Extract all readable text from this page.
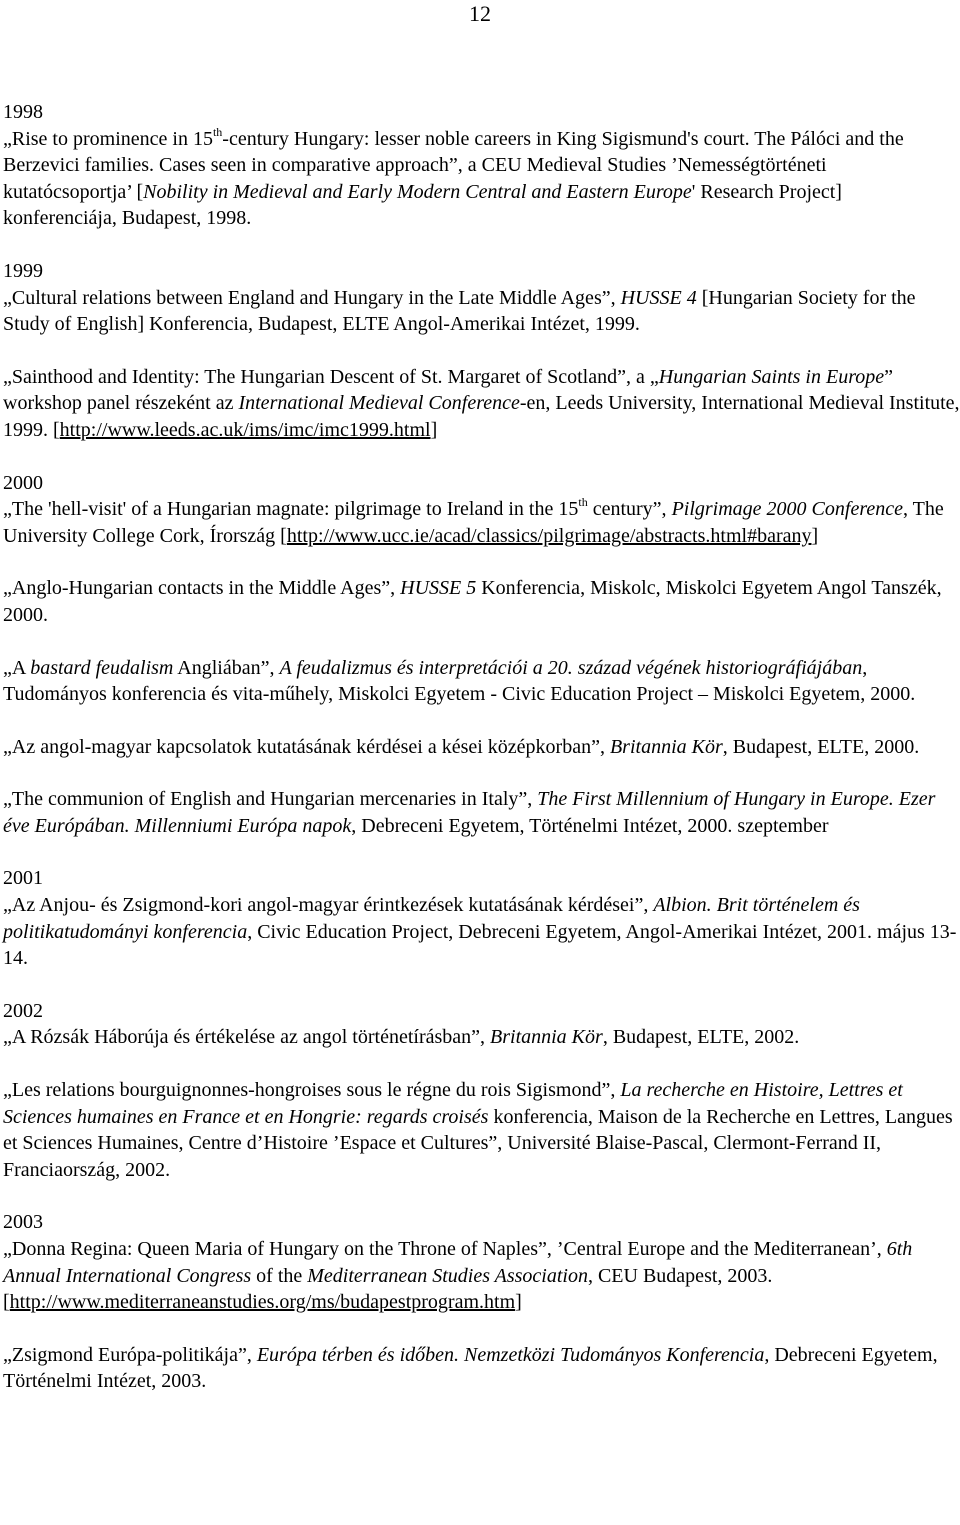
12
1998
„Rise to prominence in 15th-century Hungary: lesser noble careers in King Sigismund's court. The Pálóci and the Berzevici families. Cases seen in comparative approach”, a CEU Medieval Studies ’Nemességtörténeti kutatócsoportja’ [Nobility in Medieval and Early Modern Central and Eastern Europe' Research Project] konferenciája, Budapest, 1998.
1999
„Cultural relations between England and Hungary in the Late Middle Ages”, HUSSE 4 [Hungarian Society for the Study of English] Konferencia, Budapest, ELTE Angol-Amerikai Intézet, 1999.
„Sainthood and Identity: The Hungarian Descent of St. Margaret of Scotland”, a „Hungarian Saints in Europe” workshop panel részeként az International Medieval Conference-en, Leeds University, International Medieval Institute, 1999. [http://www.leeds.ac.uk/ims/imc/imc1999.html]
2000
„The 'hell-visit' of a Hungarian magnate: pilgrimage to Ireland in the 15th century”, Pilgrimage 2000 Conference, The University College Cork, Írország [http://www.ucc.ie/acad/classics/pilgrimage/abstracts.html#barany]
„Anglo-Hungarian contacts in the Middle Ages”, HUSSE 5 Konferencia, Miskolc, Miskolci Egyetem Angol Tanszék, 2000.
„A bastard feudalism Angliában”, A feudalizmus és interpretációi a 20. század végének historiográfiájában, Tudományos konferencia és vita-műhely, Miskolci Egyetem - Civic Education Project – Miskolci Egyetem, 2000.
„Az angol-magyar kapcsolatok kutatásának kérdései a kései középkorban”, Britannia Kör, Budapest, ELTE, 2000.
„The communion of English and Hungarian mercenaries in Italy”, The First Millennium of Hungary in Europe. Ezer éve Európában. Millenniumi Európa napok, Debreceni Egyetem, Történelmi Intézet, 2000. szeptember
2001
„Az Anjou- és Zsigmond-kori angol-magyar érintkezések kutatásának kérdései”, Albion. Brit történelem és politikatudományi konferencia, Civic Education Project, Debreceni Egyetem, Angol-Amerikai Intézet, 2001. május 13-14.
2002
„A Rózsák Háborúja és értékelése az angol történetírásban”, Britannia Kör, Budapest, ELTE, 2002.
„Les relations bourguignonnes-hongroises sous le régne du rois Sigismond”, La recherche en Histoire, Lettres et Sciences humaines en France et en Hongrie: regards croisés konferencia, Maison de la Recherche en Lettres, Langues et Sciences Humaines, Centre d’Histoire ’Espace et Cultures”, Université Blaise-Pascal, Clermont-Ferrand II, Franciaország, 2002.
2003
„Donna Regina: Queen Maria of Hungary on the Throne of Naples”, ’Central Europe and the Mediterranean’, 6th Annual International Congress of the Mediterranean Studies Association, CEU Budapest, 2003. [http://www.mediterraneanstudies.org/ms/budapestprogram.htm]
„Zsigmond Európa-politikája”, Európa térben és időben. Nemzetközi Tudományos Konferencia, Debreceni Egyetem, Történelmi Intézet, 2003.
